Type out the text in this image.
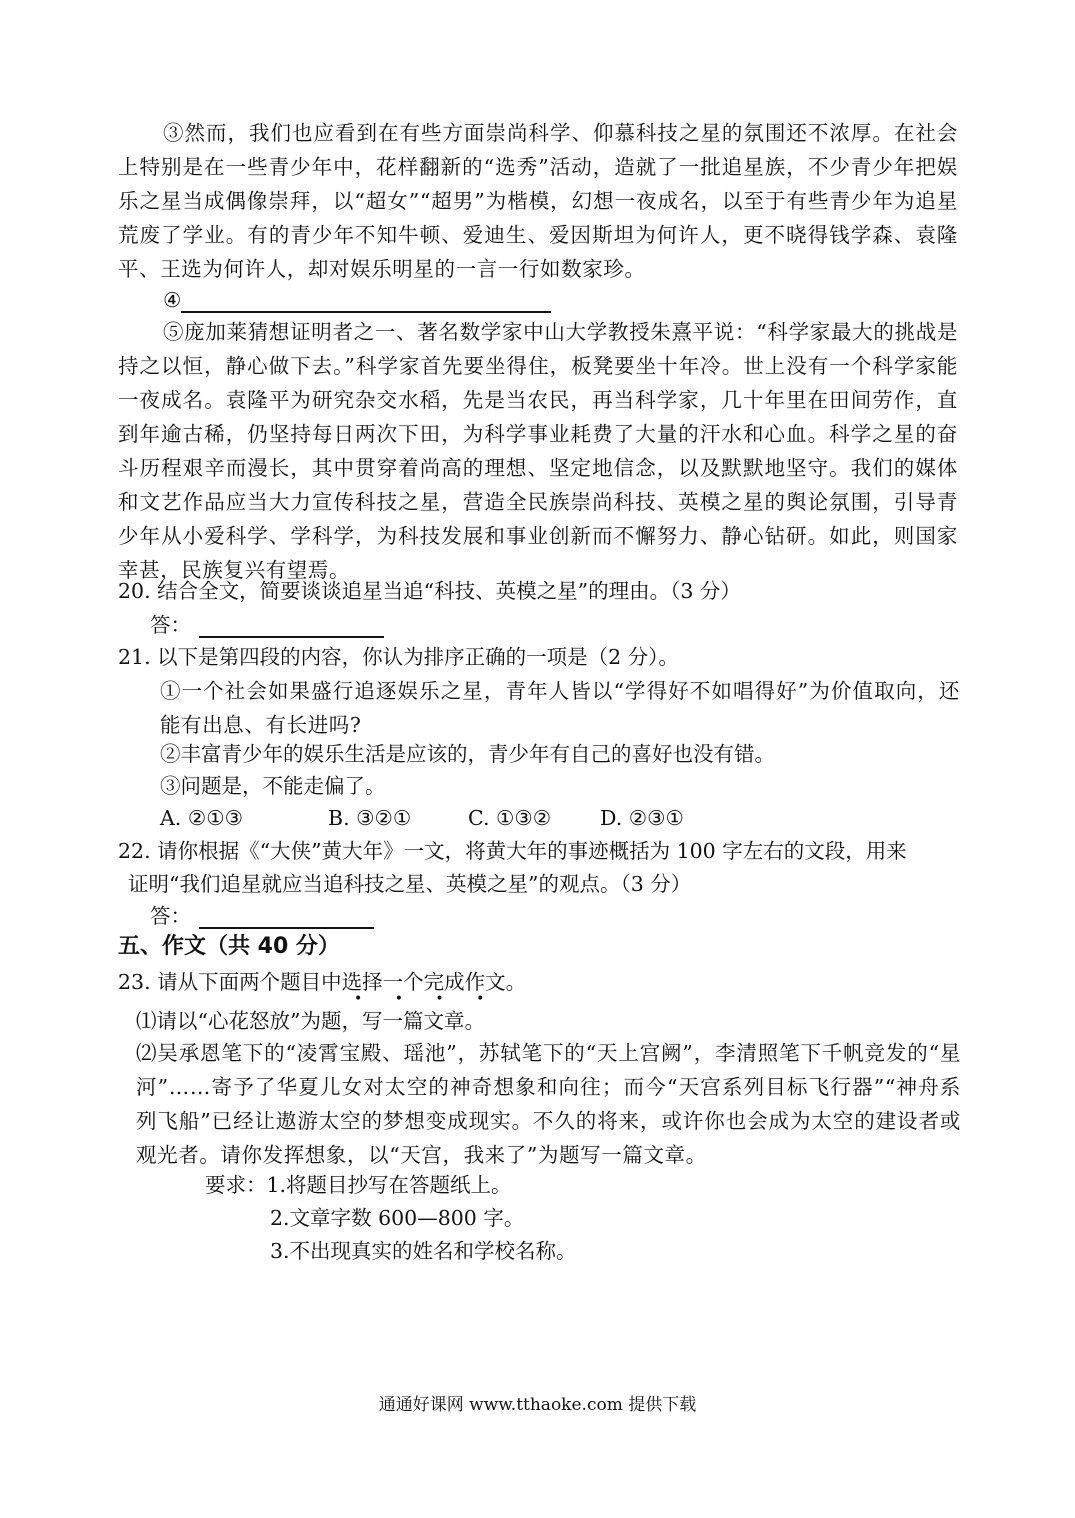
③然而，我们也应看到在有些方面崇尚科学、仰慕科技之星的氛围还不浓厚。在社会上特别是在一些青少年中，花样翻新的“选秀”活动，造就了一批追星族，不少青少年把娱乐之星当成偶像崇拜，以“超女”“超男”为楷模，幻想一夜成名，以至于有些青少年为追星荒废了学业。有的青少年不知牛顿、爱迪生、爱因斯坦为何许人，更不晓得钱学森、袁隆平、王选为何许人，却对娱乐明星的一言一行如数家珍。

④

⑤庞加莱猜想证明者之一、著名数学家中山大学教授朱熹平说：“科学家最大的挑战是持之以恒，静心做下去。”科学家首先要坐得住，板凳要坐十年冷。世上没有一个科学家能一夜成名。袁隆平为研究杂交水稻，先是当农民，再当科学家，几十年里在田间劳作，直到年逾古稀，仍坚持每日两次下田，为科学事业耗费了大量的汗水和心血。科学之星的奋斗历程艰辛而漫长，其中贯穿着尚高的理想、坚定地信念，以及默默地坚守。我们的媒体和文艺作品应当大力宣传科技之星，营造全民族崇尚科技、英模之星的舆论氛围，引导青少年从小爱科学、学科学，为科技发展和事业创新而不懈努力、静心钻研。如此，则国家幸甚，民族复兴有望焉。

20. 结合全文，简要谈谈追星当追“科技、英模之星”的理由。（3 分）

答：

21. 以下是第四段的内容，你认为排序正确的一项是（2 分）。

①一个社会如果盛行追逐娱乐之星，青年人皆以“学得好不如唱得好”为价值取向，还能有出息、有长进吗?

②丰富青少年的娱乐生活是应该的，青少年有自己的喜好也没有错。

③问题是，不能走偏了。

A. ②①③	B. ③②①	C. ①③② D. ②③①

22. 请你根据《“大侠”黄大年》一文，将黄大年的事迹概括为 100 字左右的文段，用来

证明“我们追星就应当追科技之星、英模之星”的观点。（3 分）

答：

五、作文（共 40 分）

23. 请从下面两个题目中选择一个完成作文。

• • • •

⑴请以“心花怒放”为题，写一篇文章。

⑵吴承恩笔下的“凌霄宝殿、瑶池”，苏轼笔下的“天上宫阙”，李清照笔下千帆竞发的“星河”……寄予了华夏儿女对太空的神奇想象和向往；而今“天宫系列目标飞行器”“神舟系列飞船”已经让遨游太空的梦想变成现实。不久的将来，或许你也会成为太空的建设者或观光者。请你发挥想象，以“天宫，我来了”为题写一篇文章。

要求：1.将题目抄写在答题纸上。

2.文章字数 600—800 字。

3.不出现真实的姓名和学校名称。

通通好课网 www.tthaoke.com 提供下载
